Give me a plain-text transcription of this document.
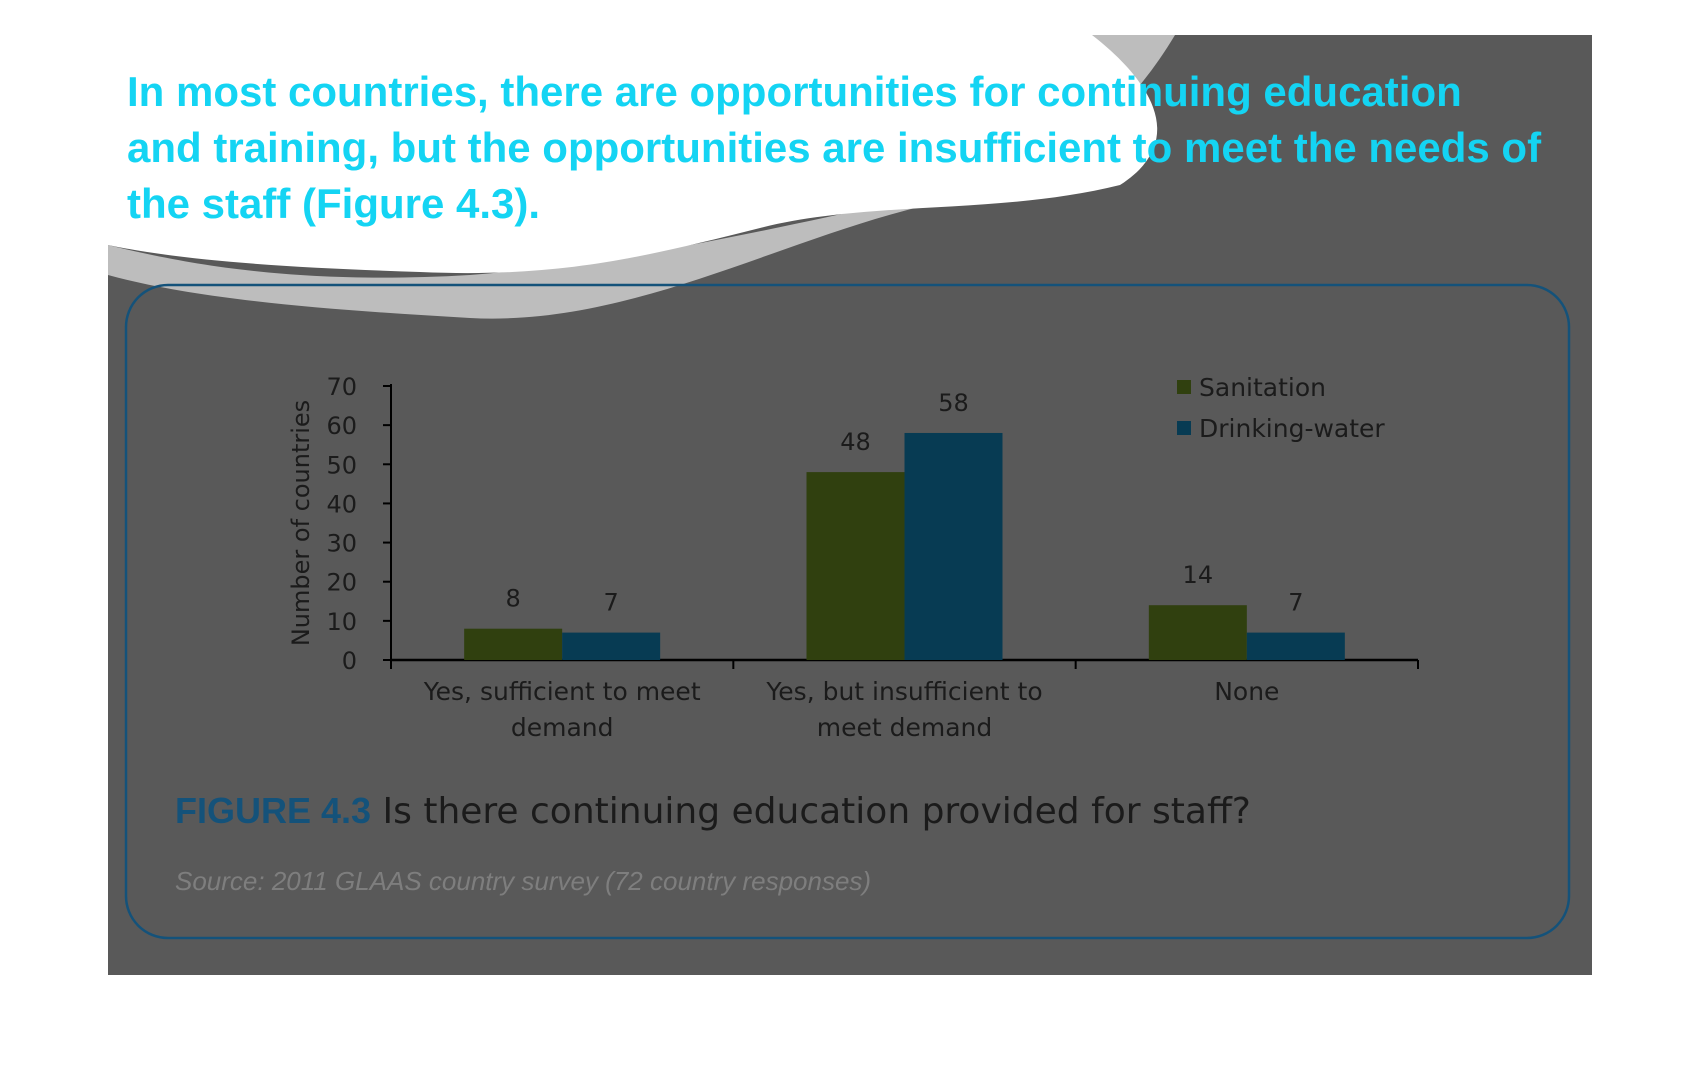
In most countries, there are opportunities for continuing education and training, but the opportunities are insufficient to meet the needs of the staff (Figure 4.3).

0
10
20
30
40
50
60
70
Number of countries	8	7
Yes, sufficient to meet
demand
48
58
Yes, but insufficient to
meet demand
14
7
None
Sanitation
Drinking-water

FIGURE 4.3 Is there continuing education provided for staff?

Source: 2011 GLAAS country survey (72 country responses)
